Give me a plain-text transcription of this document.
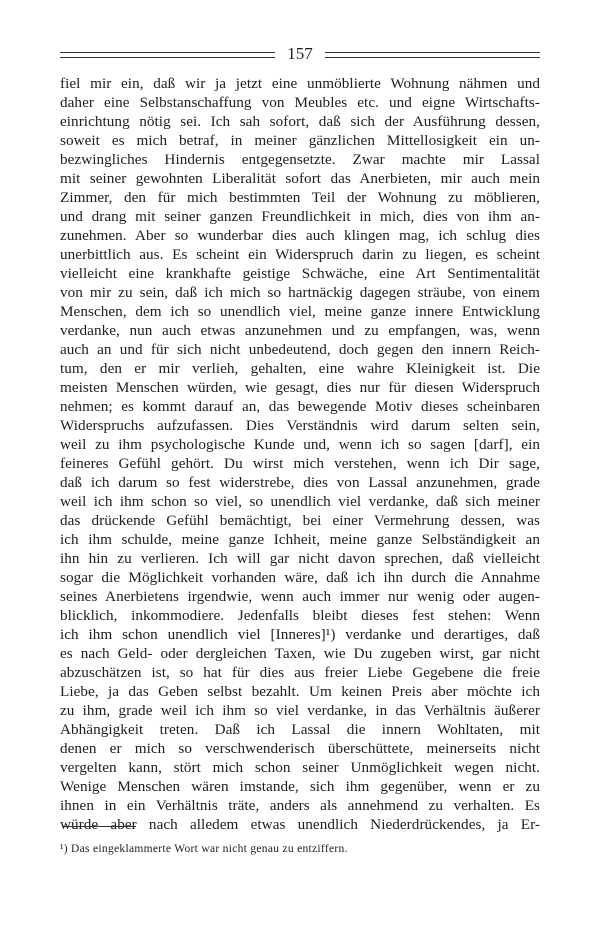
157
fiel mir ein, daß wir ja jetzt eine unmöblierte Wohnung nähmen und
daher eine Selbstanschaffung von Meubles etc. und eigne Wirtschafts-
einrichtung nötig sei. Ich sah sofort, daß sich der Ausführung dessen,
soweit es mich betraf, in meiner gänzlichen Mittellosigkeit ein un-
bezwingliches Hindernis entgegensetzte. Zwar machte mir Lassal
mit seiner gewohnten Liberalität sofort das Anerbieten, mir auch mein
Zimmer, den für mich bestimmten Teil der Wohnung zu möblieren,
und drang mit seiner ganzen Freundlichkeit in mich, dies von ihm an-
zunehmen. Aber so wunderbar dies auch klingen mag, ich schlug dies
unerbittlich aus. Es scheint ein Widerspruch darin zu liegen, es scheint
vielleicht eine krankhafte geistige Schwäche, eine Art Sentimentalität
von mir zu sein, daß ich mich so hartnäckig dagegen sträube, von einem
Menschen, dem ich so unendlich viel, meine ganze innere Entwicklung
verdanke, nun auch etwas anzunehmen und zu empfangen, was, wenn
auch an und für sich nicht unbedeutend, doch gegen den innern Reich-
tum, den er mir verlieh, gehalten, eine wahre Kleinigkeit ist. Die
meisten Menschen würden, wie gesagt, dies nur für diesen Widerspruch
nehmen; es kommt darauf an, das bewegende Motiv dieses scheinbaren
Widerspruchs aufzufassen. Dies Verständnis wird darum selten sein,
weil zu ihm psychologische Kunde und, wenn ich so sagen [darf], ein
feineres Gefühl gehört. Du wirst mich verstehen, wenn ich Dir sage,
daß ich darum so fest widerstrebe, dies von Lassal anzunehmen, grade
weil ich ihm schon so viel, so unendlich viel verdanke, daß sich meiner
das drückende Gefühl bemächtigt, bei einer Vermehrung dessen, was
ich ihm schulde, meine ganze Ichheit, meine ganze Selbständigkeit an
ihn hin zu verlieren. Ich will gar nicht davon sprechen, daß vielleicht
sogar die Möglichkeit vorhanden wäre, daß ich ihn durch die Annahme
seines Anerbietens irgendwie, wenn auch immer nur wenig oder augen-
blicklich, inkommodiere. Jedenfalls bleibt dieses fest stehen: Wenn
ich ihm schon unendlich viel [Inneres]¹) verdanke und derartiges, daß
es nach Geld- oder dergleichen Taxen, wie Du zugeben wirst, gar nicht
abzuschätzen ist, so hat für dies aus freier Liebe Gegebene die freie
Liebe, ja das Geben selbst bezahlt. Um keinen Preis aber möchte ich
zu ihm, grade weil ich ihm so viel verdanke, in das Verhältnis äußerer
Abhängigkeit treten. Daß ich Lassal die innern Wohltaten, mit
denen er mich so verschwenderisch überschüttete, meinerseits nicht
vergelten kann, stört mich schon seiner Unmöglichkeit wegen nicht.
Wenige Menschen wären imstande, sich ihm gegenüber, wenn er zu
ihnen in ein Verhältnis träte, anders als annehmend zu verhalten. Es
würde aber nach alledem etwas unendlich Niederdrückendes, ja Er-
¹) Das eingeklammerte Wort war nicht genau zu entziffern.
